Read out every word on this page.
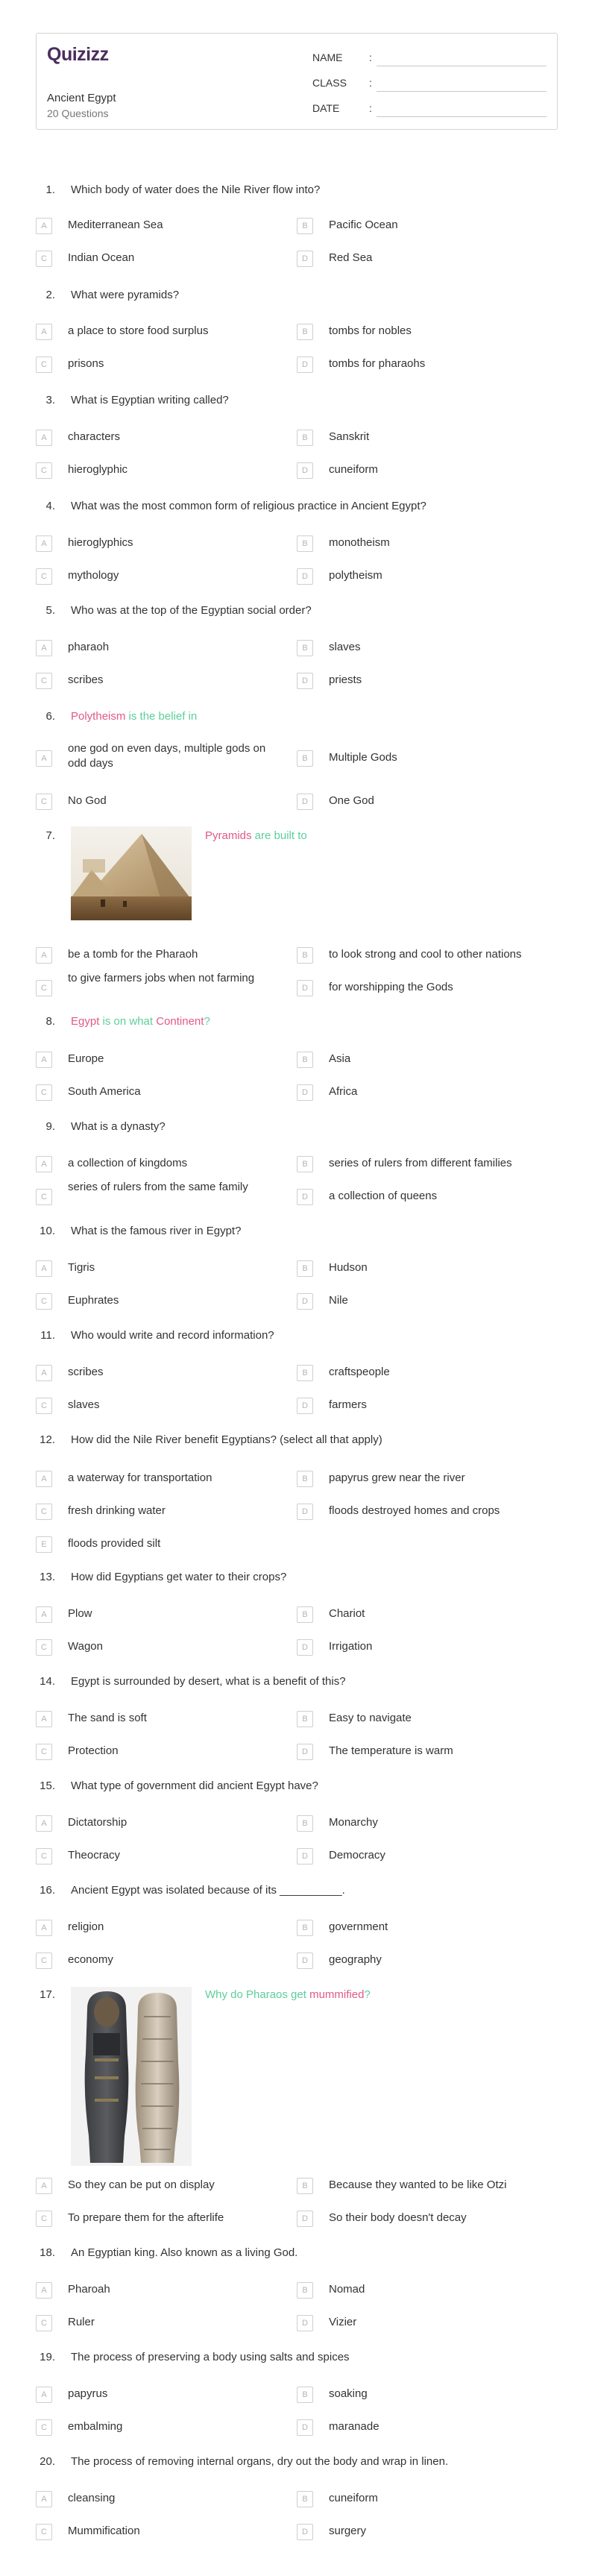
Quizizz
Ancient Egypt
20 Questions
NAME	:
CLASS :
DATE	:
1. Which body of water does the Nile River flow into?
A	Mediterranean Sea	B	Pacific Ocean
C	Indian Ocean	D	Red Sea
2. What were pyramids?
A	a place to store food surplus	B	tombs for nobles
C	prisons	D	tombs for pharaohs
3. What is Egyptian writing called?
A	characters	B	Sanskrit
C	hieroglyphic	D	cuneiform
4. What was the most common form of religious practice in Ancient Egypt?
A	hieroglyphics	B	monotheism
C	mythology	D	polytheism
5. Who was at the top of the Egyptian social order?
A	pharaoh	B	slaves
C	scribes	D	priests
6. Polytheism is the belief in
A
one god on even days, multiple gods on odd days	B	Multiple Gods
C	No God	D	One God
7.	Pyramids are built to
A	be a tomb for the Pharaoh	B	to look strong and cool to other nations
C
to give farmers jobs when not farming
D	for worshipping the Gods
8. Egypt is on what Continent?
A	Europe	B	Asia
C	South America	D	Africa
9. What is a dynasty?
A	a collection of kingdoms	B	series of rulers from different families
C
series of rulers from the same family
D	a collection of queens
10. What is the famous river in Egypt?
A	Tigris	B	Hudson
C	Euphrates	D	Nile
11. Who would write and record information?
A	scribes	B	craftspeople
C	slaves	D	farmers
12. How did the Nile River benefit Egyptians? (select all that apply)
A	a waterway for transportation	B	papyrus grew near the river
C	fresh drinking water	D	floods destroyed homes and crops
E	floods provided silt
13. How did Egyptians get water to their crops?
A	Plow	B	Chariot
C	Wagon	D	Irrigation
14. Egypt is surrounded by desert, what is a benefit of this?
A	The sand is soft	B	Easy to navigate
C	Protection	D	The temperature is warm
15. What type of government did ancient Egypt have?
A	Dictatorship	B	Monarchy
C	Theocracy	D	Democracy
16. Ancient Egypt was isolated because of its __________.
A	religion	B	government
C	economy	D	geography
17.	Why do Pharaos get mummified?
A	So they can be put on display	B	Because they wanted to be like Otzi
C	To prepare them for the afterlife	D	So their body doesn't decay
18. An Egyptian king. Also known as a living God.
A	Pharoah	B	Nomad
C	Ruler	D	Vizier
19. The process of preserving a body using salts and spices
A	papyrus	B	soaking
C	embalming	D	maranade
20. The process of removing internal organs, dry out the body and wrap in linen.
A	cleansing	B	cuneiform
C	Mummification	D	surgery
